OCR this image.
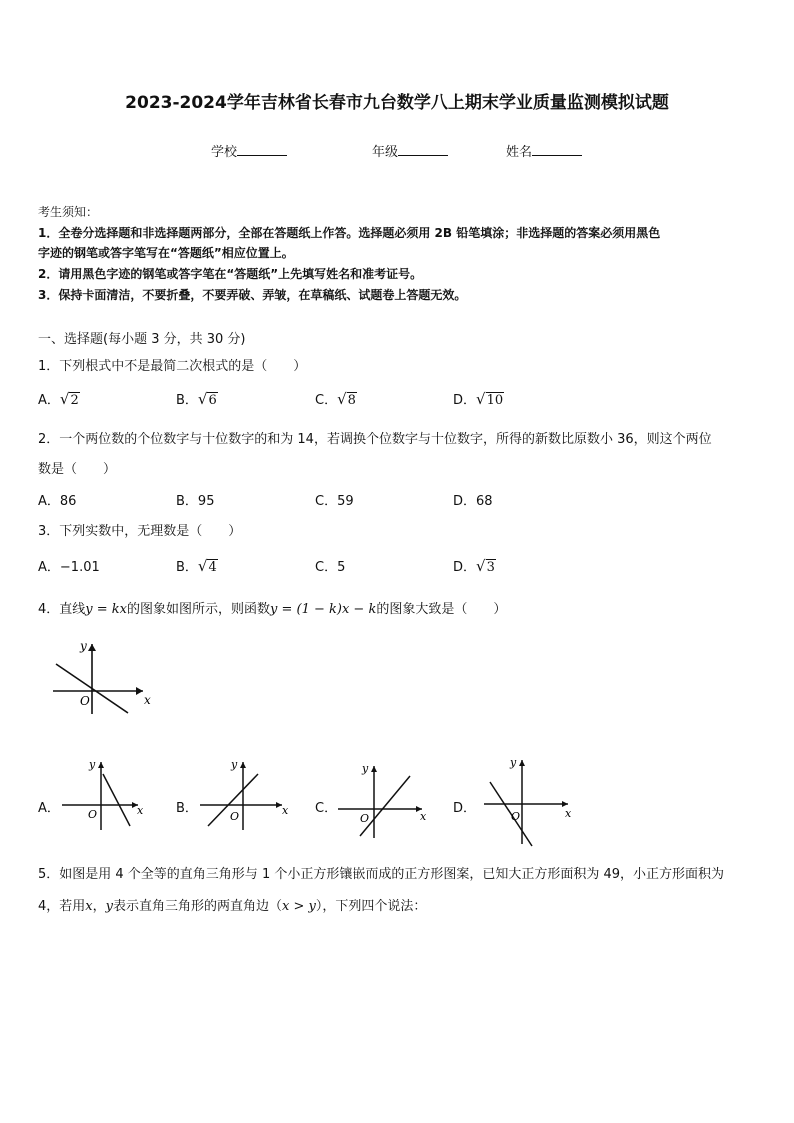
2023-2024学年吉林省长春市九台数学八上期末学业质量监测模拟试题
学校	年级	姓名
考生须知：
1．全卷分选择题和非选择题两部分，全部在答题纸上作答。选择题必须用 2B 铅笔填涂；非选择题的答案必须用黑色
字迹的钢笔或答字笔写在“答题纸”相应位置上。
2．请用黑色字迹的钢笔或答字笔在“答题纸”上先填写姓名和准考证号。
3．保持卡面清洁，不要折叠，不要弄破、弄皱，在草稿纸、试题卷上答题无效。
一、选择题(每小题 3 分，共 30 分)
1．下列根式中不是最简二次根式的是（　　）
A．√2	B．√6	C．√8	D．√10
2．一个两位数的个位数字与十位数字的和为 14，若调换个位数字与十位数字，所得的新数比原数小 36，则这个两位
数是（　　）
A．86	B．95	C．59	D．68
3．下列实数中，无理数是（　　）
A．−1.01	B．√4	C．5	D．√3
4．直线y = kx的图象如图所示，则函数y = (1 − k)x − k的图象大致是（　　）
x
y
O
A．	x
y
O	B．	x
y
O
C．
x
y
O
D．	x
y
O
5．如图是用 4 个全等的直角三角形与 1 个小正方形镶嵌而成的正方形图案，已知大正方形面积为 49，小正方形面积为
4，若用x，y表示直角三角形的两直角边（x > y），下列四个说法：
